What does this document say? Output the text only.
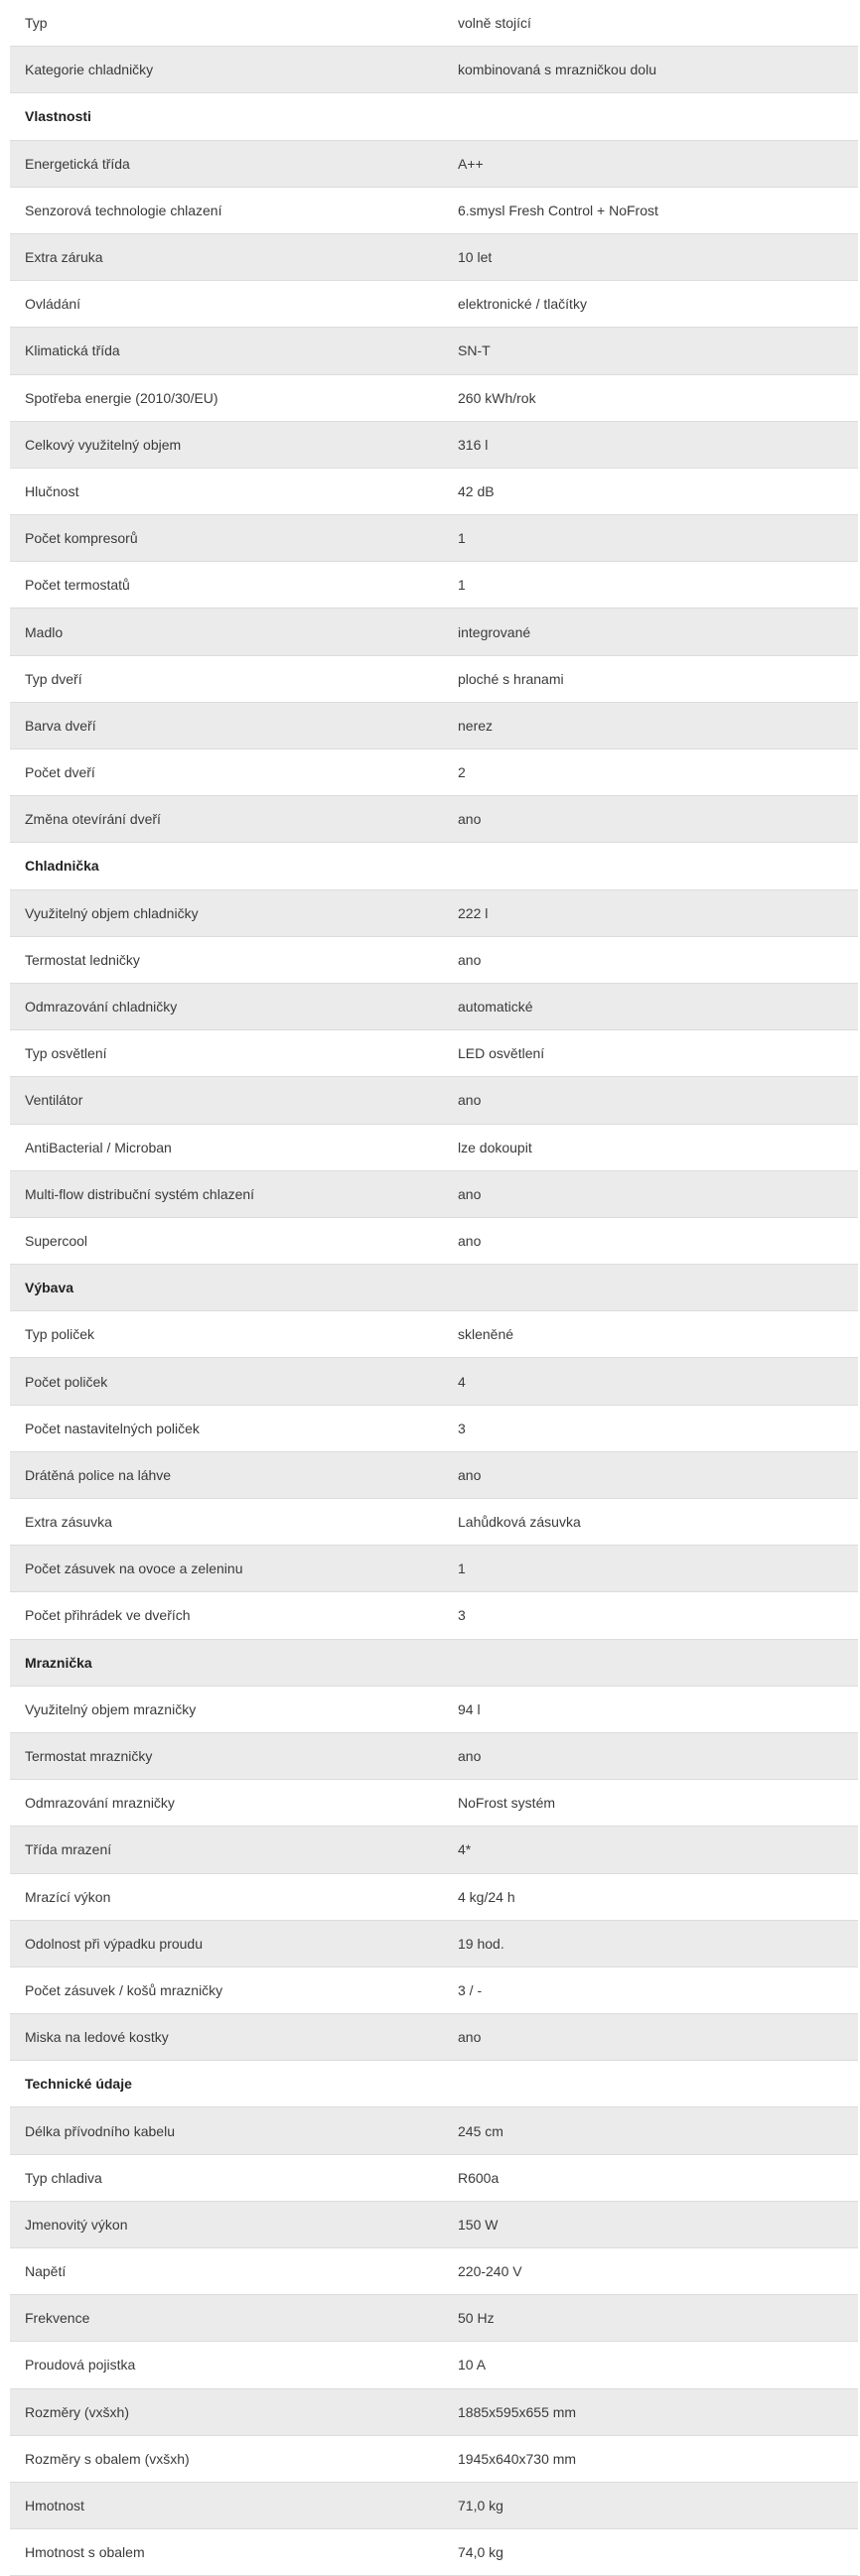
Typ	volně stojící
Kategorie chladničky	kombinovaná s mrazničkou dolu
Vlastnosti
Energetická třída	A++
Senzorová technologie chlazení	6.smysl Fresh Control + NoFrost
Extra záruka	10 let
Ovládání	elektronické / tlačítky
Klimatická třída	SN-T
Spotřeba energie (2010/30/EU)	260 kWh/rok
Celkový využitelný objem	316 l
Hlučnost	42 dB
Počet kompresorů	1
Počet termostatů	1
Madlo	integrované
Typ dveří	ploché s hranami
Barva dveří	nerez
Počet dveří	2
Změna otevírání dveří	ano
Chladnička
Využitelný objem chladničky	222 l
Termostat ledničky	ano
Odmrazování chladničky	automatické
Typ osvětlení	LED osvětlení
Ventilátor	ano
AntiBacterial / Microban	lze dokoupit
Multi-flow distribuční systém chlazení	ano
Supercool	ano
Výbava
Typ poliček	skleněné
Počet poliček	4
Počet nastavitelných poliček	3
Drátěná police na láhve	ano
Extra zásuvka	Lahůdková zásuvka
Počet zásuvek na ovoce a zeleninu	1
Počet přihrádek ve dveřích	3
Mraznička
Využitelný objem mrazničky	94 l
Termostat mrazničky	ano
Odmrazování mrazničky	NoFrost systém
Třída mrazení	4*
Mrazící výkon	4 kg/24 h
Odolnost při výpadku proudu	19 hod.
Počet zásuvek / košů mrazničky	3 / -
Miska na ledové kostky	ano
Technické údaje
Délka přívodního kabelu	245 cm
Typ chladiva	R600a
Jmenovitý výkon	150 W
Napětí	220-240 V
Frekvence	50 Hz
Proudová pojistka	10 A
Rozměry (vxšxh)	1885x595x655 mm
Rozměry s obalem (vxšxh)	1945x640x730 mm
Hmotnost	71,0 kg
Hmotnost s obalem	74,0 kg
